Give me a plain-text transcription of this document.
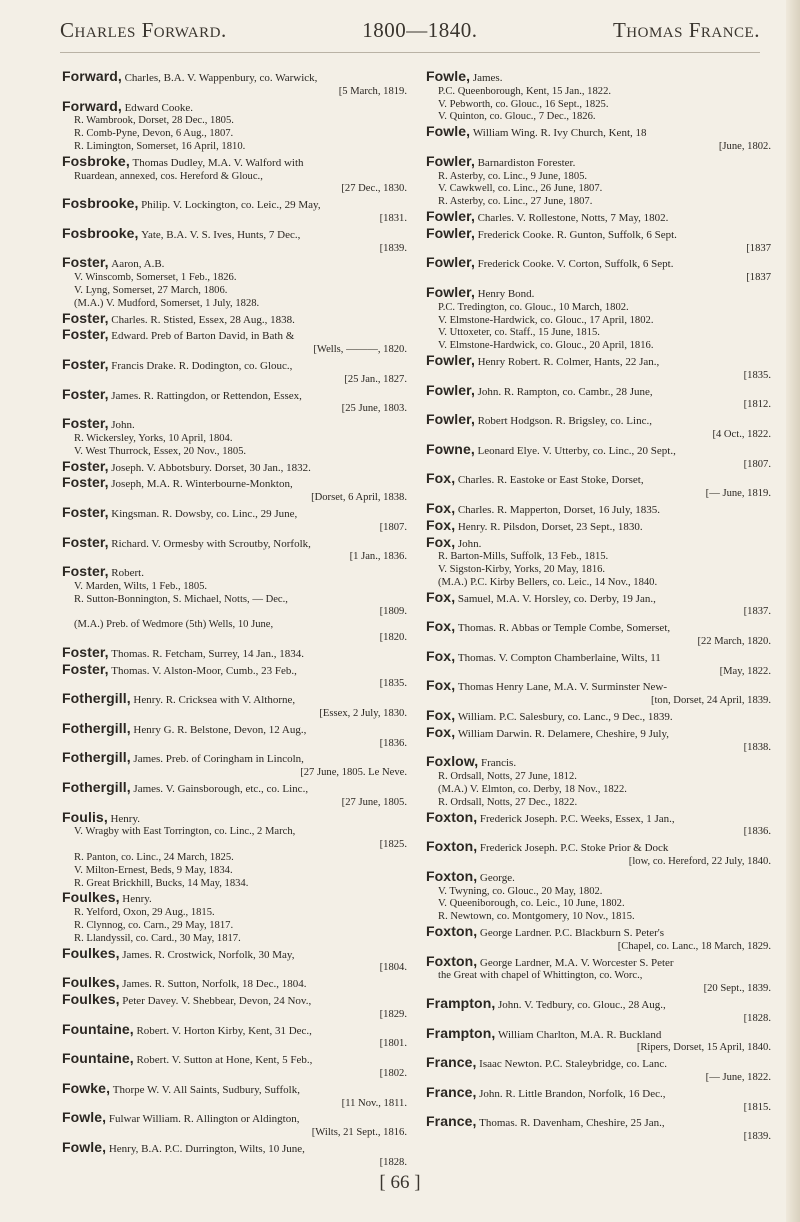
Charles Forward.	1800—1840.	Thomas France.
Forward, Charles, B.A. V. Wappenbury, co. Warwick,
[5 March, 1819.
Forward, Edward Cooke.
R. Wambrook, Dorset, 28 Dec., 1805.
R. Comb-Pyne, Devon, 6 Aug., 1807.
R. Limington, Somerset, 16 April, 1810.
Fosbroke, Thomas Dudley, M.A. V. Walford with
Ruardean, annexed, cos. Hereford & Glouc.,
[27 Dec., 1830.
Fosbrooke, Philip. V. Lockington, co. Leic., 29 May,
[1831.
Fosbrooke, Yate, B.A. V. S. Ives, Hunts, 7 Dec.,
[1839.
Foster, Aaron, A.B.
V. Winscomb, Somerset, 1 Feb., 1826.
V. Lyng, Somerset, 27 March, 1806.
(M.A.) V. Mudford, Somerset, 1 July, 1828.
Foster, Charles. R. Stisted, Essex, 28 Aug., 1838.
Foster, Edward. Preb of Barton David, in Bath &
[Wells, ———, 1820.
Foster, Francis Drake. R. Dodington, co. Glouc.,
[25 Jan., 1827.
Foster, James. R. Rattingdon, or Rettendon, Essex,
[25 June, 1803.
Foster, John.
R. Wickersley, Yorks, 10 April, 1804.
V. West Thurrock, Essex, 20 Nov., 1805.
Foster, Joseph. V. Abbotsbury. Dorset, 30 Jan., 1832.
Foster, Joseph, M.A. R. Winterbourne-Monkton,
[Dorset, 6 April, 1838.
Foster, Kingsman. R. Dowsby, co. Linc., 29 June,
[1807.
Foster, Richard. V. Ormesby with Scroutby, Norfolk,
[1 Jan., 1836.
Foster, Robert.
V. Marden, Wilts, 1 Feb., 1805.
R. Sutton-Bonnington, S. Michael, Notts, — Dec.,
[1809.
(M.A.) Preb. of Wedmore (5th) Wells, 10 June,
[1820.
Foster, Thomas. R. Fetcham, Surrey, 14 Jan., 1834.
Foster, Thomas. V. Alston-Moor, Cumb., 23 Feb.,
[1835.
Fothergill, Henry. R. Cricksea with V. Althorne,
[Essex, 2 July, 1830.
Fothergill, Henry G. R. Belstone, Devon, 12 Aug.,
[1836.
Fothergill, James. Preb. of Coringham in Lincoln,
[27 June, 1805. Le Neve.
Fothergill, James. V. Gainsborough, etc., co. Linc.,
[27 June, 1805.
Foulis, Henry.
V. Wragby with East Torrington, co. Linc., 2 March,
[1825.
R. Panton, co. Linc., 24 March, 1825.
V. Milton-Ernest, Beds, 9 May, 1834.
R. Great Brickhill, Bucks, 14 May, 1834.
Foulkes, Henry.
R. Yelford, Oxon, 29 Aug., 1815.
R. Clynnog, co. Carn., 29 May, 1817.
R. Llandyssil, co. Card., 30 May, 1817.
Foulkes, James. R. Crostwick, Norfolk, 30 May,
[1804.
Foulkes, James. R. Sutton, Norfolk, 18 Dec., 1804.
Foulkes, Peter Davey. V. Shebbear, Devon, 24 Nov.,
[1829.
Fountaine, Robert. V. Horton Kirby, Kent, 31 Dec.,
[1801.
Fountaine, Robert. V. Sutton at Hone, Kent, 5 Feb.,
[1802.
Fowke, Thorpe W. V. All Saints, Sudbury, Suffolk,
[11 Nov., 1811.
Fowle, Fulwar William. R. Allington or Aldington,
[Wilts, 21 Sept., 1816.
Fowle, Henry, B.A. P.C. Durrington, Wilts, 10 June,
[1828.
Fowle, James.
P.C. Queenborough, Kent, 15 Jan., 1822.
V. Pebworth, co. Glouc., 16 Sept., 1825.
V. Quinton, co. Glouc., 7 Dec., 1826.
Fowle, William Wing. R. Ivy Church, Kent, 18
[June, 1802.
Fowler, Barnardiston Forester.
R. Asterby, co. Linc., 9 June, 1805.
V. Cawkwell, co. Linc., 26 June, 1807.
R. Asterby, co. Linc., 27 June, 1807.
Fowler, Charles. V. Rollestone, Notts, 7 May, 1802.
Fowler, Frederick Cooke. R. Gunton, Suffolk, 6 Sept.
[1837
Fowler, Frederick Cooke. V. Corton, Suffolk, 6 Sept.
[1837
Fowler, Henry Bond.
P.C. Tredington, co. Glouc., 10 March, 1802.
V. Elmstone-Hardwick, co. Glouc., 17 April, 1802.
V. Uttoxeter, co. Staff., 15 June, 1815.
V. Elmstone-Hardwick, co. Glouc., 20 April, 1816.
Fowler, Henry Robert. R. Colmer, Hants, 22 Jan.,
[1835.
Fowler, John. R. Rampton, co. Cambr., 28 June,
[1812.
Fowler, Robert Hodgson. R. Brigsley, co. Linc.,
[4 Oct., 1822.
Fowne, Leonard Elye. V. Utterby, co. Linc., 20 Sept.,
[1807.
Fox, Charles. R. Eastoke or East Stoke, Dorset,
[— June, 1819.
Fox, Charles. R. Mapperton, Dorset, 16 July, 1835.
Fox, Henry. R. Pilsdon, Dorset, 23 Sept., 1830.
Fox, John.
R. Barton-Mills, Suffolk, 13 Feb., 1815.
V. Sigston-Kirby, Yorks, 20 May, 1816.
(M.A.) P.C. Kirby Bellers, co. Leic., 14 Nov., 1840.
Fox, Samuel, M.A. V. Horsley, co. Derby, 19 Jan.,
[1837.
Fox, Thomas. R. Abbas or Temple Combe, Somerset,
[22 March, 1820.
Fox, Thomas. V. Compton Chamberlaine, Wilts, 11
[May, 1822.
Fox, Thomas Henry Lane, M.A. V. Surminster New-
[ton, Dorset, 24 April, 1839.
Fox, William. P.C. Salesbury, co. Lanc., 9 Dec., 1839.
Fox, William Darwin. R. Delamere, Cheshire, 9 July,
[1838.
Foxlow, Francis.
R. Ordsall, Notts, 27 June, 1812.
(M.A.) V. Elmton, co. Derby, 18 Nov., 1822.
R. Ordsall, Notts, 27 Dec., 1822.
Foxton, Frederick Joseph. P.C. Weeks, Essex, 1 Jan.,
[1836.
Foxton, Frederick Joseph. P.C. Stoke Prior & Dock
[low, co. Hereford, 22 July, 1840.
Foxton, George.
V. Twyning, co. Glouc., 20 May, 1802.
V. Queeniborough, co. Leic., 10 June, 1802.
R. Newtown, co. Montgomery, 10 Nov., 1815.
Foxton, George Lardner. P.C. Blackburn S. Peter's
[Chapel, co. Lanc., 18 March, 1829.
Foxton, George Lardner, M.A. V. Worcester S. Peter
the Great with chapel of Whittington, co. Worc.,
[20 Sept., 1839.
Frampton, John. V. Tedbury, co. Glouc., 28 Aug.,
[1828.
Frampton, William Charlton, M.A. R. Buckland
[Ripers, Dorset, 15 April, 1840.
France, Isaac Newton. P.C. Staleybridge, co. Lanc.
[— June, 1822.
France, John. R. Little Brandon, Norfolk, 16 Dec.,
[1815.
France, Thomas. R. Davenham, Cheshire, 25 Jan.,
[1839.
[ 66 ]
